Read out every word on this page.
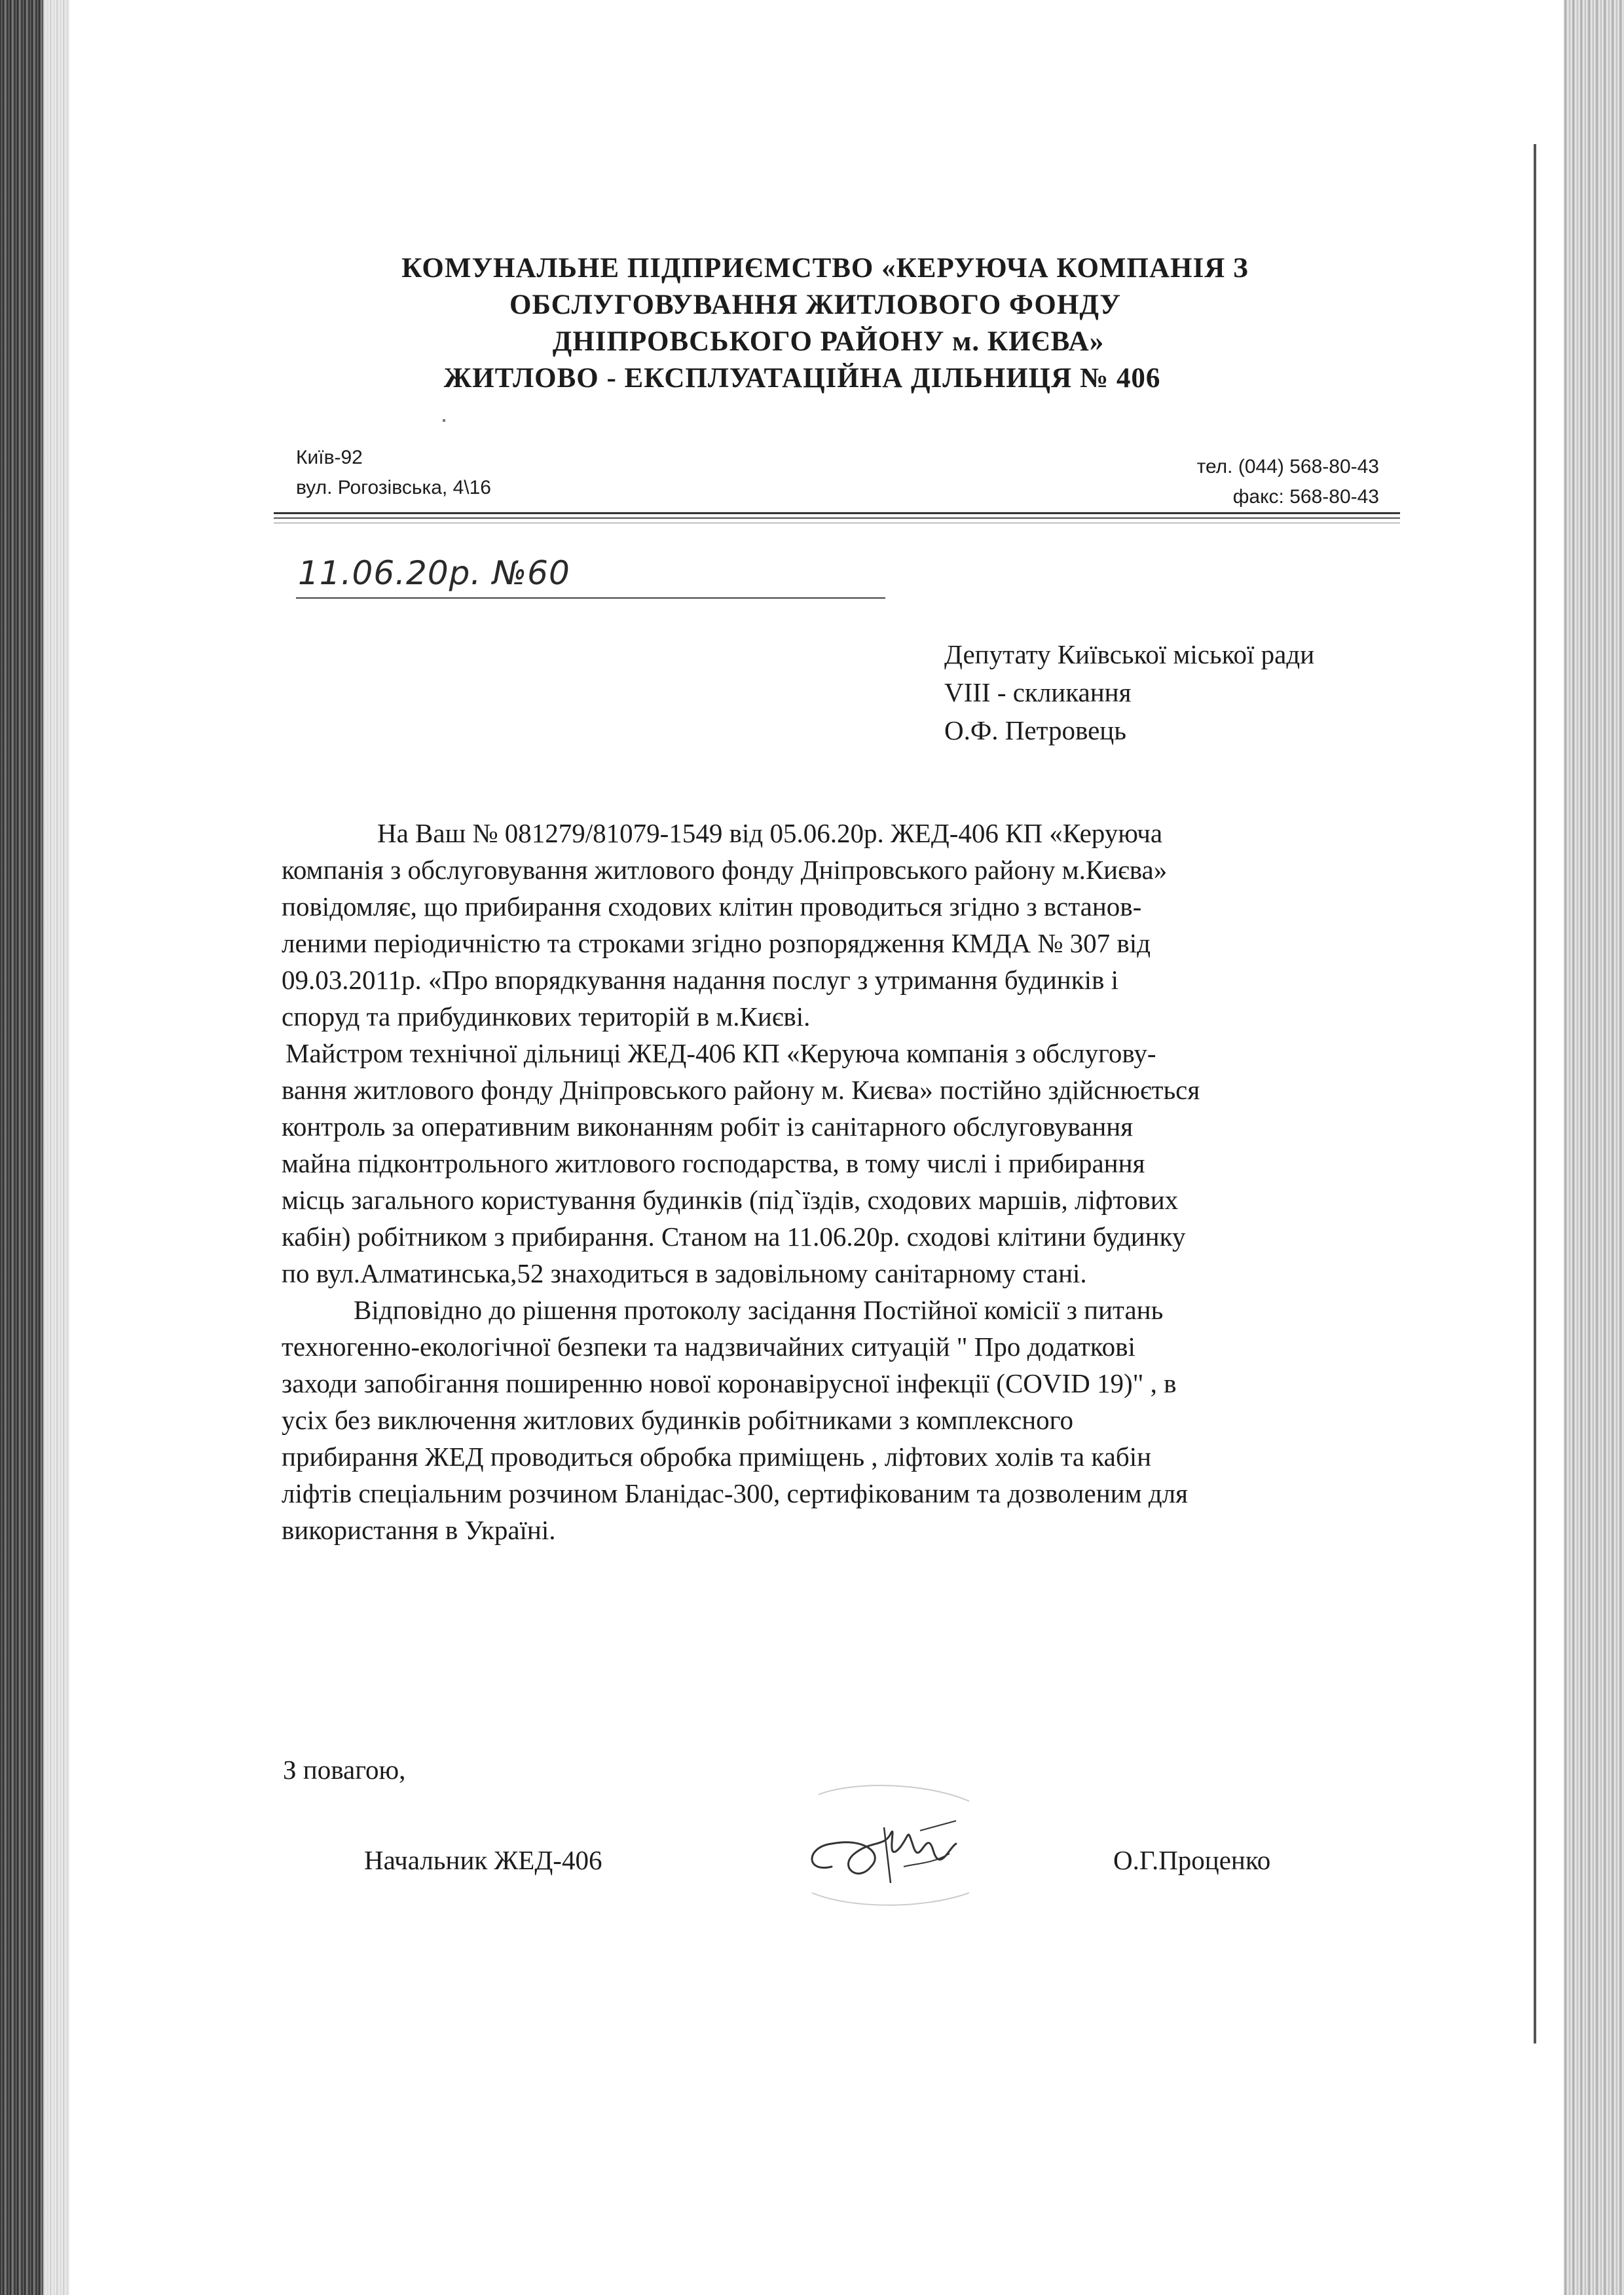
КОМУНАЛЬНЕ ПІДПРИЄМСТВО «КЕРУЮЧА КОМПАНІЯ З
ОБСЛУГОВУВАННЯ ЖИТЛОВОГО ФОНДУ
ДНІПРОВСЬКОГО РАЙОНУ м. КИЄВА»
ЖИТЛОВО - ЕКСПЛУАТАЦІЙНА ДІЛЬНИЦЯ № 406
Київ-92
вул. Рогозівська, 4\16
тел. (044) 568-80-43
факс: 568-80-43
11.06.20р. №60
Депутату Київської міської ради
VIII - скликання
О.Ф. Петровець

На Ваш № 081279/81079-1549 від 05.06.20р. ЖЕД-406 КП «Керуюча

компанія з обслуговування житлового фонду Дніпровського району м.Києва»

повідомляє, що прибирання сходових клітин проводиться згідно з встанов-

леними періодичністю та строками згідно розпорядження КМДА № 307 від

09.03.2011р. «Про впорядкування надання послуг з утримання будинків і

споруд та прибудинкових територій в м.Києві.

Майстром технічної дільниці ЖЕД-406 КП «Керуюча компанія з обслугову-

вання житлового фонду Дніпровського району м. Києва» постійно здійснюється

контроль за оперативним виконанням робіт із санітарного обслуговування

майна підконтрольного житлового господарства, в тому числі і прибирання

місць загального користування будинків (під`їздів, сходових маршів, ліфтових

кабін) робітником з прибирання. Станом на 11.06.20р. сходові клітини будинку

по вул.Алматинська,52 знаходиться в задовільному санітарному стані.

Відповідно до рішення протоколу засідання Постійної комісії з питань

техногенно-екологічної безпеки та надзвичайних ситуацій " Про додаткові

заходи запобігання поширенню нової коронавірусної інфекції (COVID 19)" , в

усіх без виключення житлових будинків робітниками з комплексного

прибирання ЖЕД проводиться обробка приміщень , ліфтових холів та кабін

ліфтів спеціальним розчином Бланідас-300, сертифікованим та дозволеним для

використання в Україні.

З повагою,
Начальник ЖЕД-406	О.Г.Проценко
